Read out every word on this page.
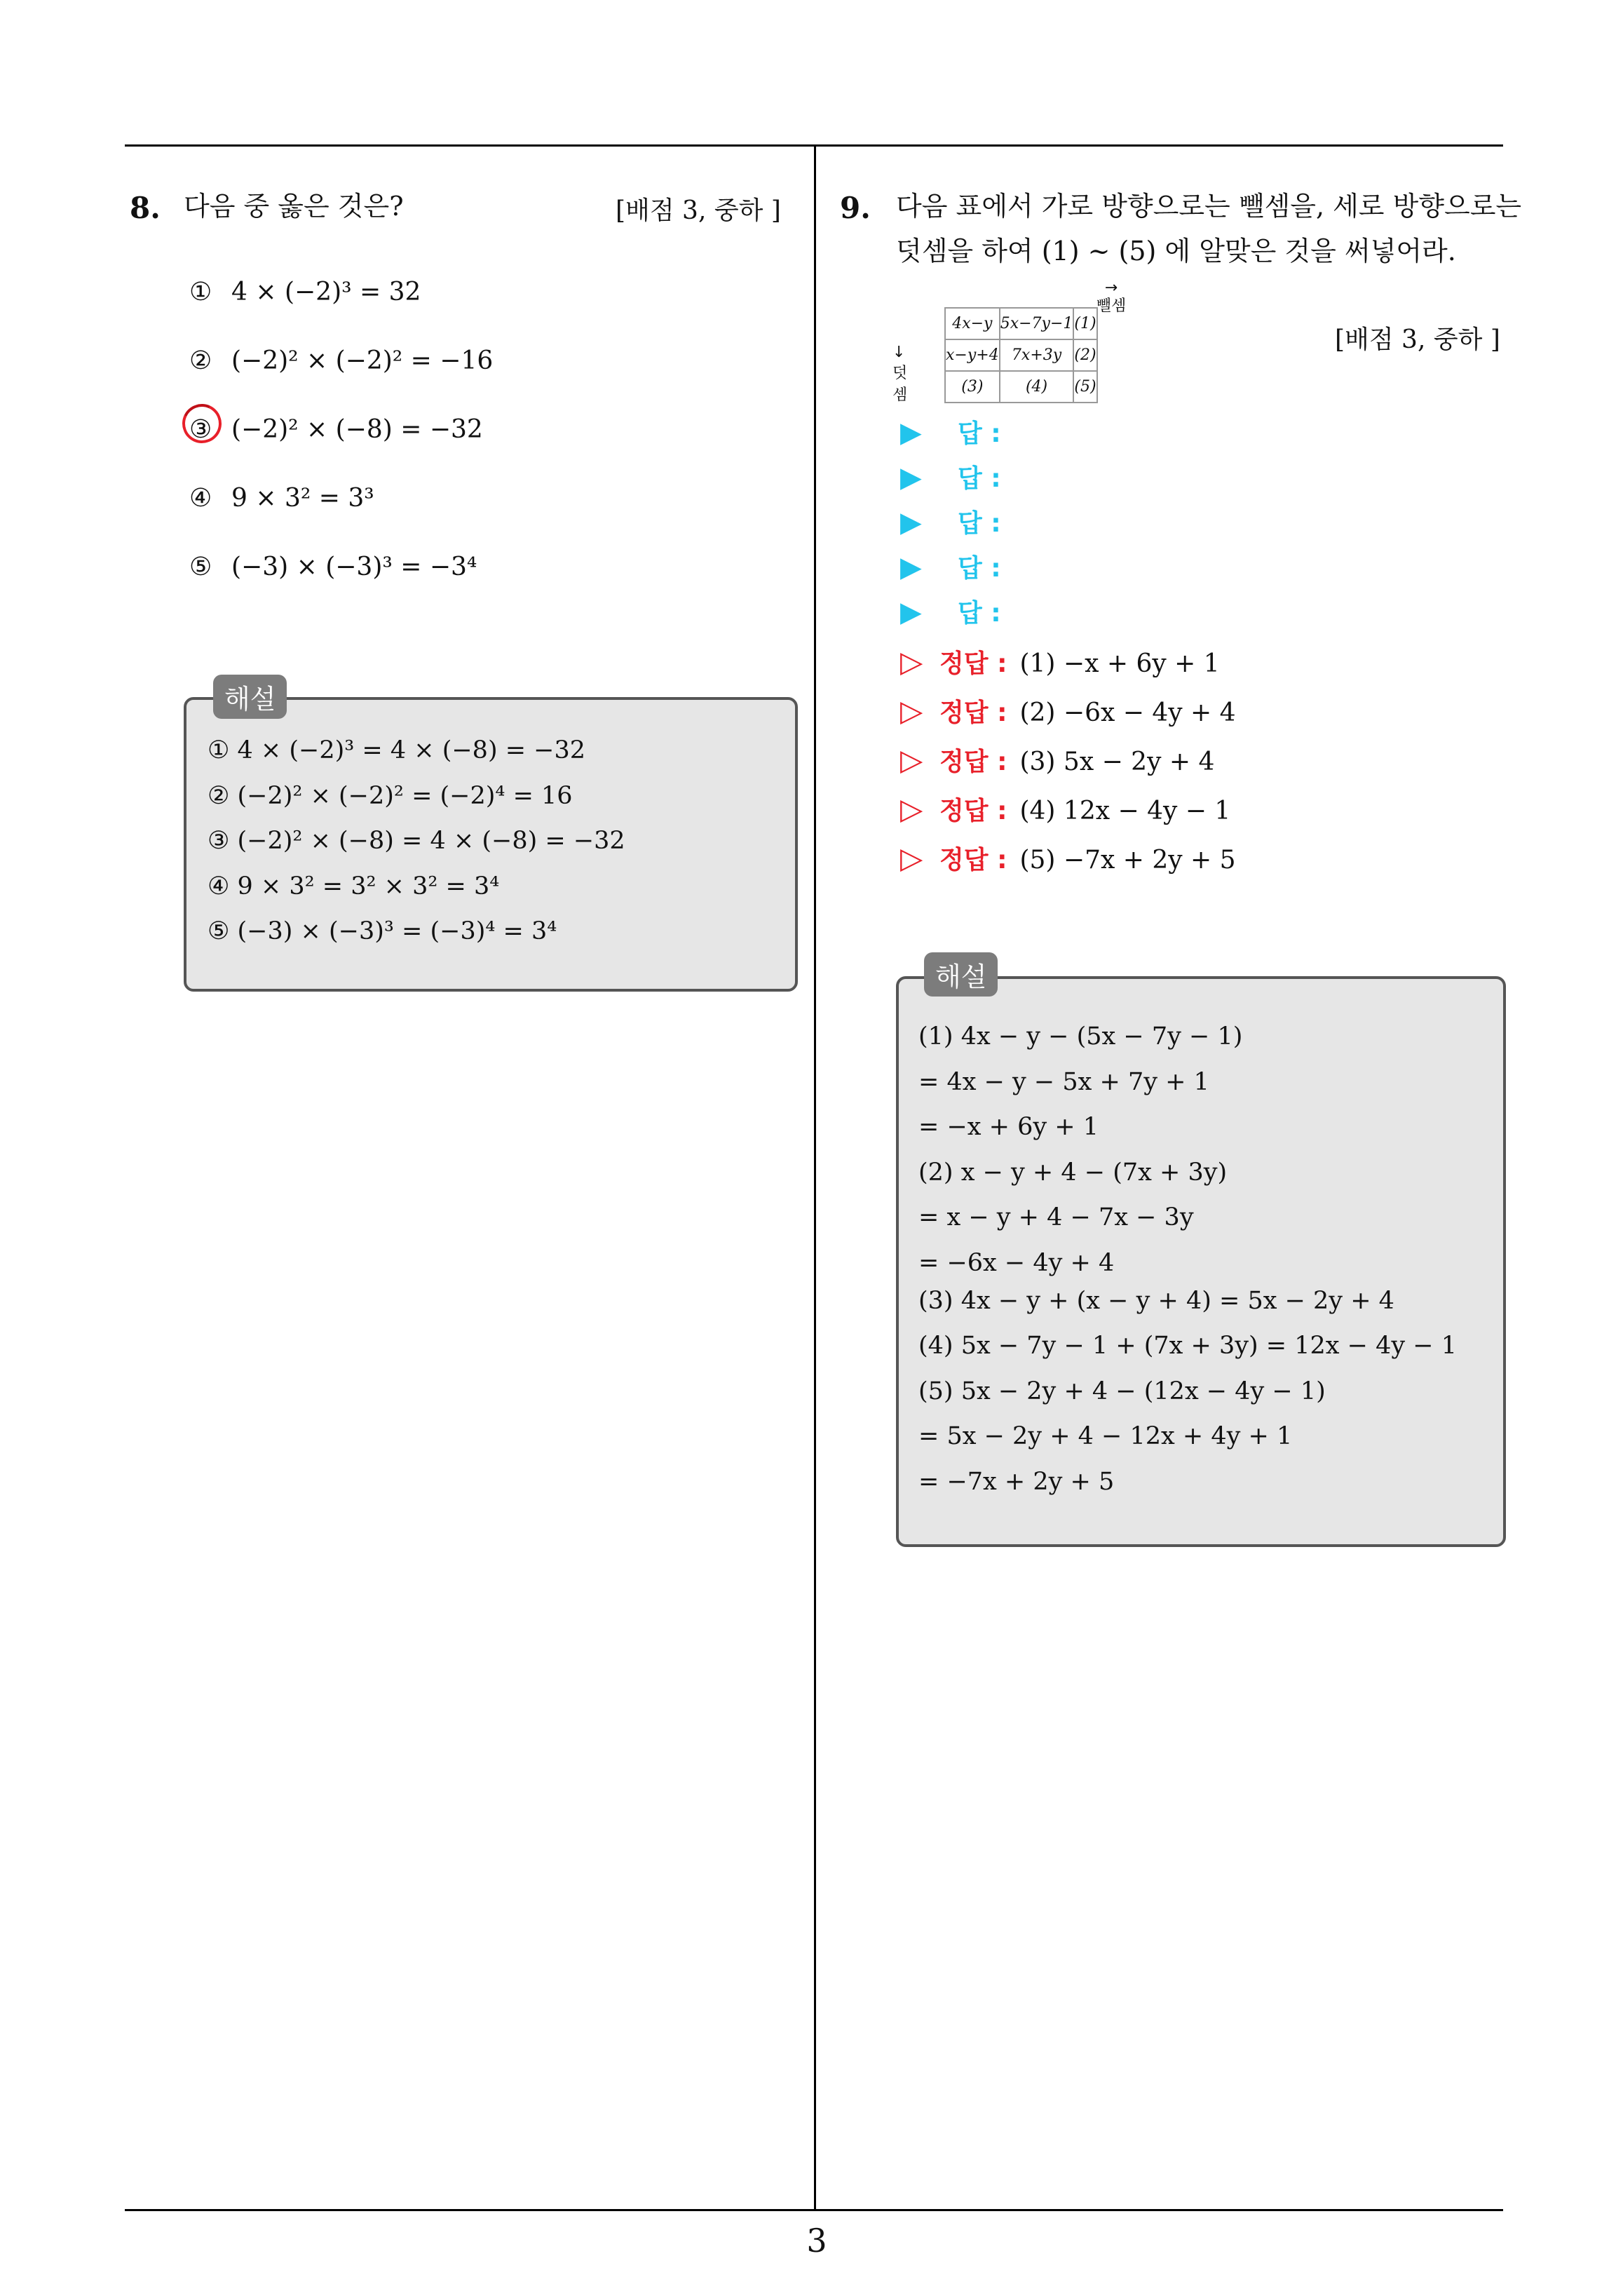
8. 다음 중 옳은 것은?	[배점 3, 중하 ]
① 4 × (−2)³ = 32
② (−2)² × (−2)² = −16
③ (−2)² × (−8) = −32
④ 9 × 3² = 3³
⑤ (−3) × (−3)³ = −3⁴
해설
① 4 × (−2)³ = 4 × (−8) = −32
② (−2)² × (−2)² = (−2)⁴ = 16
③ (−2)² × (−8) = 4 × (−8) = −32
④ 9 × 3² = 3² × 3² = 3⁴
⑤ (−3) × (−3)³ = (−3)⁴ = 3⁴
9. 다음 표에서 가로 방향으로는 뺄셈을, 세로 방향으로는
덧셈을 하여 (1) ~ (5) 에 알맞은 것을 써넣어라.
[배점 3, 중하 ]
→
뺄셈
↓덧셈
4x−y	5x−7y−1	(1)
x−y+4	7x+3y	(2)
(3)	(4)	(5)
▶ 답 :
▶ 답 :
▶ 답 :
▶ 답 :
▶ 답 :
▷ 정답 : (1) −x + 6y + 1
▷ 정답 : (2) −6x − 4y + 4
▷ 정답 : (3) 5x − 2y + 4
▷ 정답 : (4) 12x − 4y − 1
▷ 정답 : (5) −7x + 2y + 5
해설
(1) 4x − y − (5x − 7y − 1)
= 4x − y − 5x + 7y + 1
= −x + 6y + 1
(2) x − y + 4 − (7x + 3y)
= x − y + 4 − 7x − 3y
= −6x − 4y + 4
(3) 4x − y + (x − y + 4) = 5x − 2y + 4
(4) 5x − 7y − 1 + (7x + 3y) = 12x − 4y − 1
(5) 5x − 2y + 4 − (12x − 4y − 1)
= 5x − 2y + 4 − 12x + 4y + 1
= −7x + 2y + 5
3
